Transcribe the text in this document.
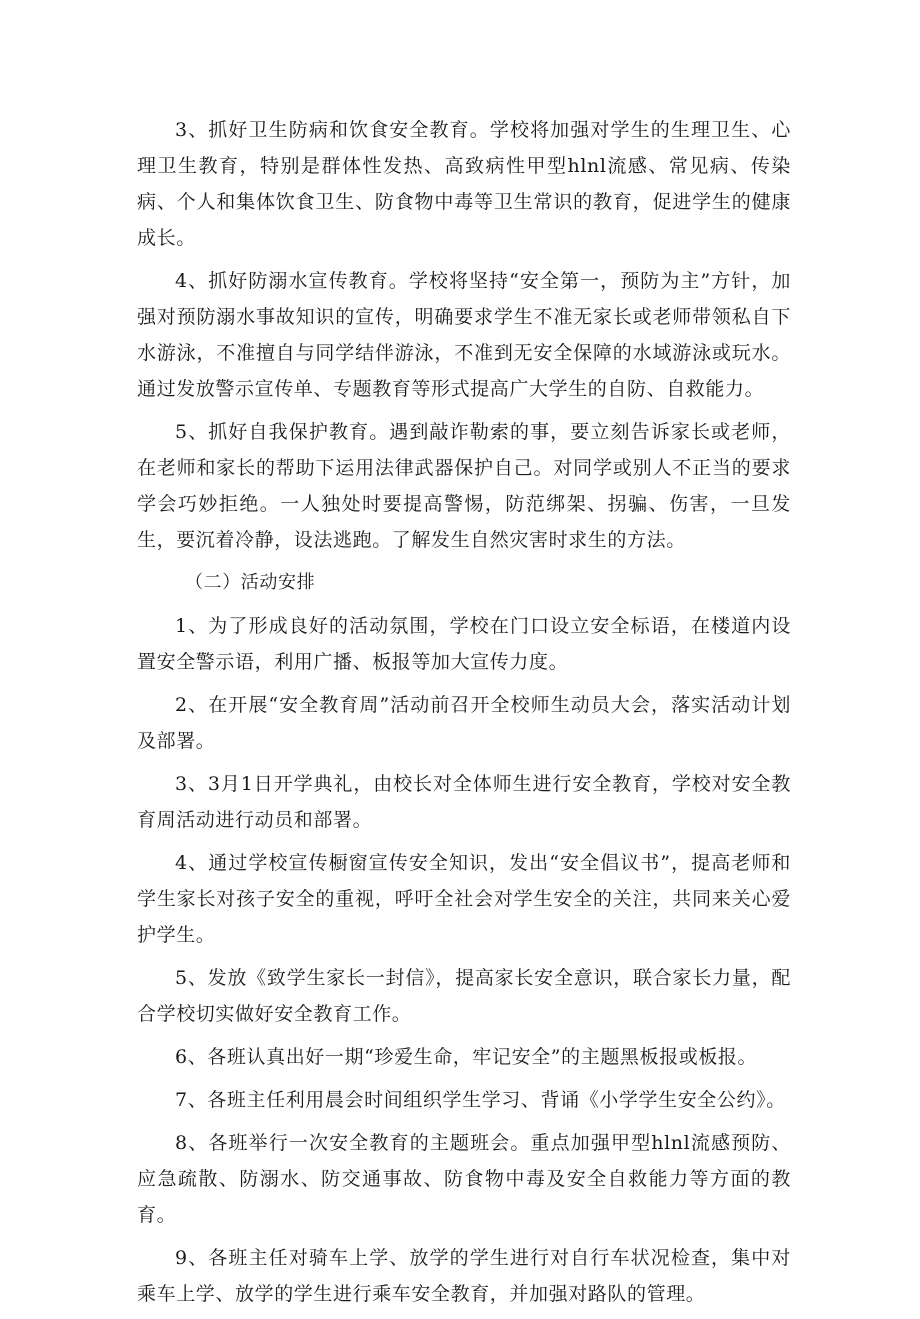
3、抓好卫生防病和饮食安全教育。学校将加强对学生的生理卫生、心理卫生教育，特别是群体性发热、高致病性甲型hlnl流感、常见病、传染病、个人和集体饮食卫生、防食物中毒等卫生常识的教育，促进学生的健康成长。

4、抓好防溺水宣传教育。学校将坚持“安全第一，预防为主”方针，加强对预防溺水事故知识的宣传，明确要求学生不准无家长或老师带领私自下水游泳，不准擅自与同学结伴游泳，不准到无安全保障的水域游泳或玩水。通过发放警示宣传单、专题教育等形式提高广大学生的自防、自救能力。

5、抓好自我保护教育。遇到敲诈勒索的事，要立刻告诉家长或老师，在老师和家长的帮助下运用法律武器保护自己。对同学或别人不正当的要求学会巧妙拒绝。一人独处时要提高警惕，防范绑架、拐骗、伤害，一旦发生，要沉着冷静，设法逃跑。了解发生自然灾害时求生的方法。

（二）活动安排

1、为了形成良好的活动氛围，学校在门口设立安全标语，在楼道内设置安全警示语，利用广播、板报等加大宣传力度。

2、在开展“安全教育周”活动前召开全校师生动员大会，落实活动计划及部署。

3、3月1日开学典礼，由校长对全体师生进行安全教育，学校对安全教育周活动进行动员和部署。

4、通过学校宣传橱窗宣传安全知识，发出“安全倡议书”，提高老师和学生家长对孩子安全的重视，呼吁全社会对学生安全的关注，共同来关心爱护学生。

5、发放《致学生家长一封信》，提高家长安全意识，联合家长力量，配合学校切实做好安全教育工作。

6、各班认真出好一期“珍爱生命，牢记安全”的主题黑板报或板报。

7、各班主任利用晨会时间组织学生学习、背诵《小学学生安全公约》。

8、各班举行一次安全教育的主题班会。重点加强甲型hlnl流感预防、应急疏散、防溺水、防交通事故、防食物中毒及安全自救能力等方面的教育。

9、各班主任对骑车上学、放学的学生进行对自行车状况检查，集中对乘车上学、放学的学生进行乘车安全教育，并加强对路队的管理。
